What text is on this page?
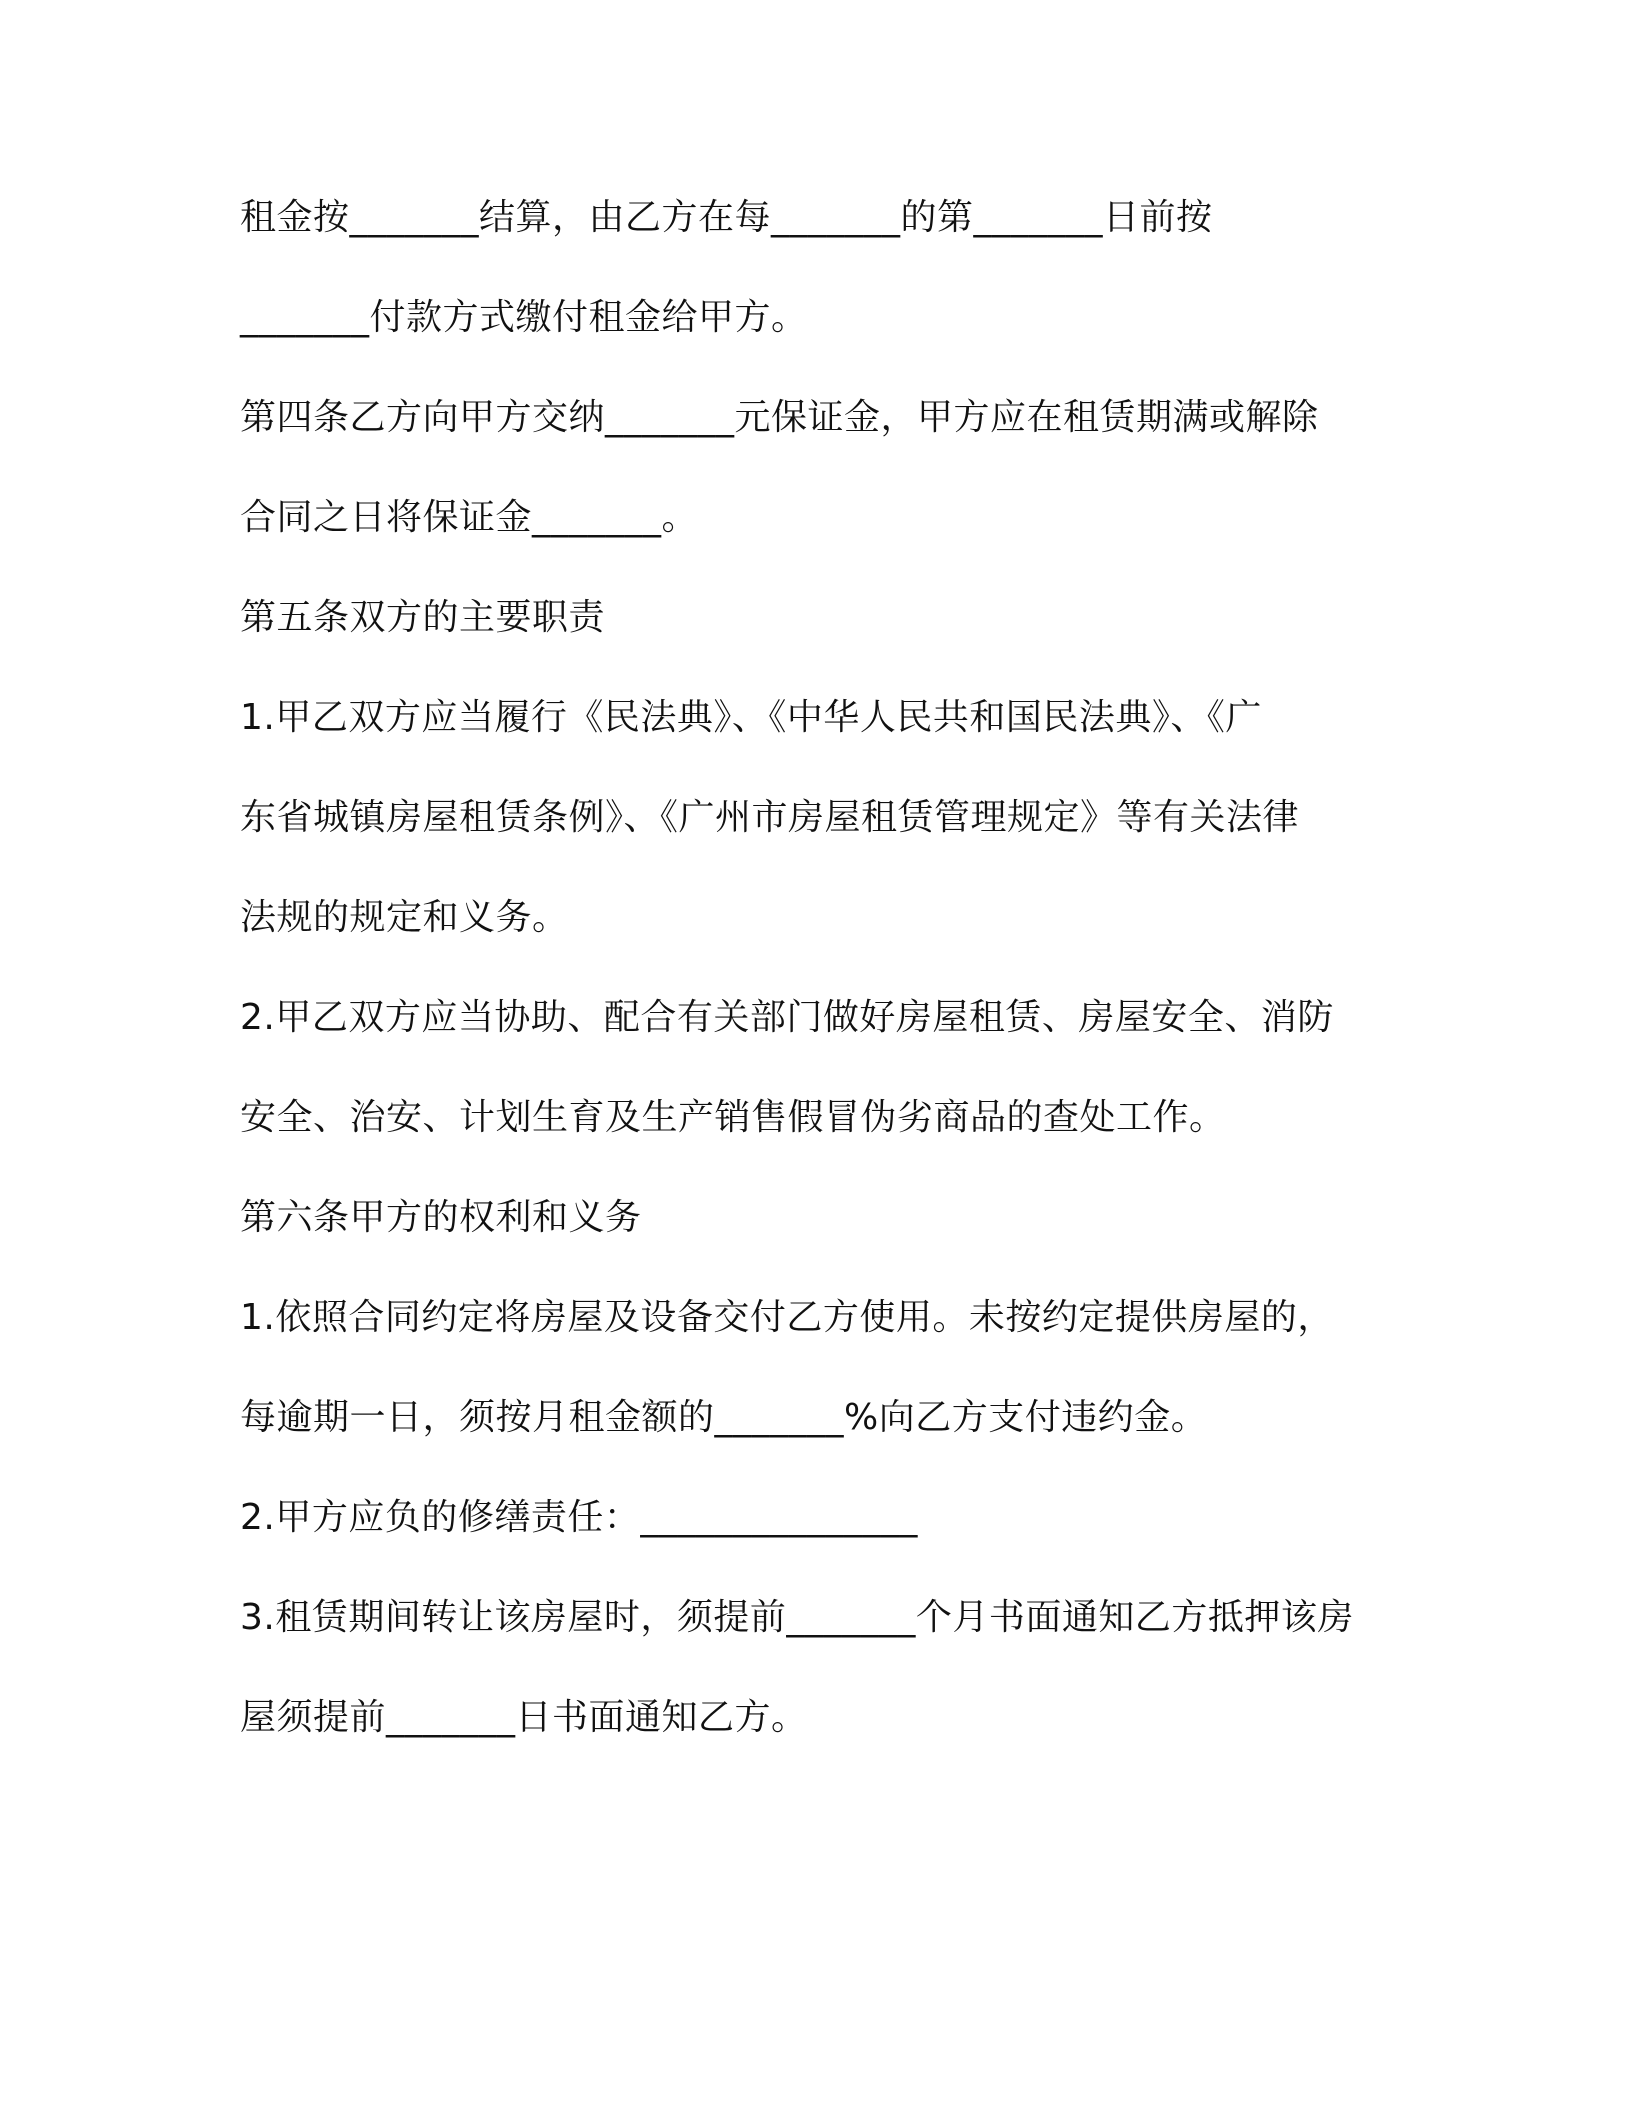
租金按_______结算，由乙方在每_______的第_______日前按
_______付款方式缴付租金给甲方。
第四条乙方向甲方交纳_______元保证金，甲方应在租赁期满或解除
合同之日将保证金_______。
第五条双方的主要职责
1.甲乙双方应当履行《民法典》、《中华人民共和国民法典》、《广
东省城镇房屋租赁条例》、《广州市房屋租赁管理规定》等有关法律
法规的规定和义务。
2.甲乙双方应当协助、配合有关部门做好房屋租赁、房屋安全、消防
安全、治安、计划生育及生产销售假冒伪劣商品的查处工作。
第六条甲方的权利和义务
1.依照合同约定将房屋及设备交付乙方使用。未按约定提供房屋的，
每逾期一日，须按月租金额的_______%向乙方支付违约金。
2.甲方应负的修缮责任：_______________
3.租赁期间转让该房屋时，须提前_______个月书面通知乙方抵押该房
屋须提前_______日书面通知乙方。
